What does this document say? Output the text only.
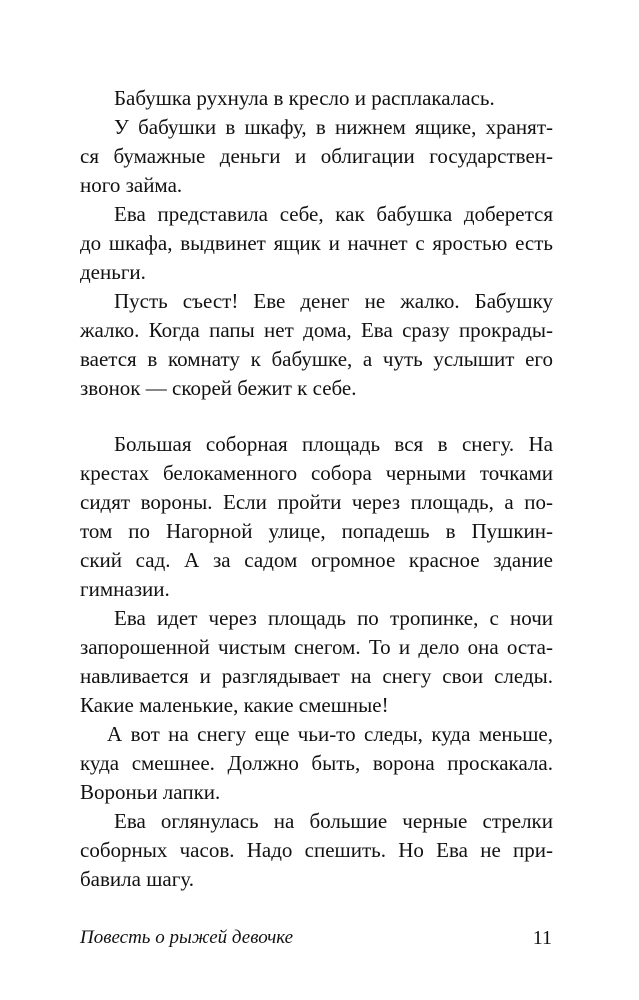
Бабушка рухнула в кресло и расплакалась.
У бабушки в шкафу, в нижнем ящике, хранят-
ся бумажные деньги и облигации государствен-
ного займа.
Ева представила себе, как бабушка доберется
до шкафа, выдвинет ящик и начнет с яростью есть
деньги.
Пусть съест! Еве денег не жалко. Бабушку
жалко. Когда папы нет дома, Ева сразу прокрады-
вается в комнату к бабушке, а чуть услышит его
звонок — скорей бежит к себе.
Большая соборная площадь вся в снегу. На
крестах белокаменного собора черными точками
сидят вороны. Если пройти через площадь, а по-
том по Нагорной улице, попадешь в Пушкин-
ский сад. А за садом огромное красное здание
гимназии.
Ева идет через площадь по тропинке, с ночи
запорошенной чистым снегом. То и дело она оста-
навливается и разглядывает на снегу свои следы.
Какие маленькие, какие смешные!
А вот на снегу еще чьи-то следы, куда меньше,
куда смешнее. Должно быть, ворона проскакала.
Вороньи лапки.
Ева оглянулась на большие черные стрелки
соборных часов. Надо спешить. Но Ева не при-
бавила шагу.
Повесть о рыжей девочке	11
